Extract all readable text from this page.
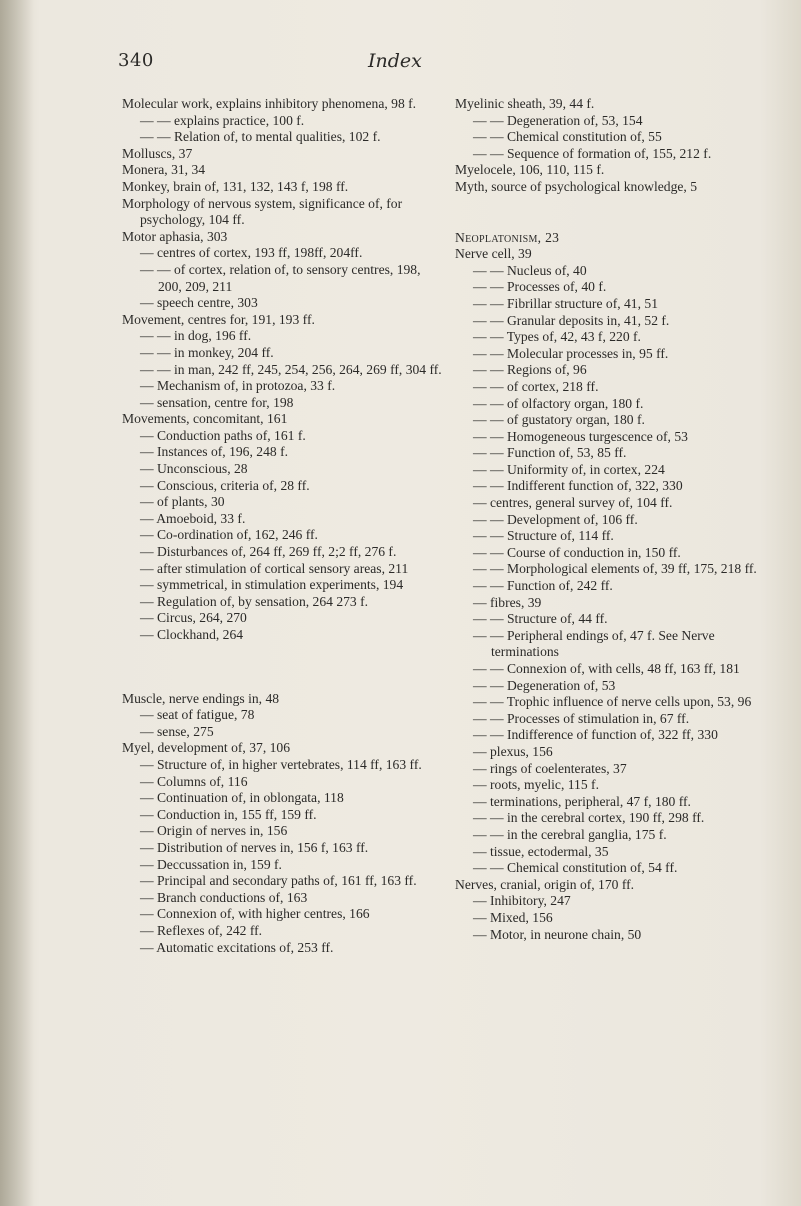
340	Index

Molecular work, explains inhibitory phenomena, 98 f.

— — explains practice, 100 f.

— — Relation of, to mental qualities, 102 f.

Molluscs, 37

Monera, 31, 34

Monkey, brain of, 131, 132, 143 f, 198 ff.

Morphology of nervous system, significance of, for psychology, 104 ff.

Motor aphasia, 303

— centres of cortex, 193 ff, 198ff, 204ff.

— — of cortex, relation of, to sensory centres, 198, 200, 209, 211

— speech centre, 303

Movement, centres for, 191, 193 ff.

— — in dog, 196 ff.

— — in monkey, 204 ff.

— — in man, 242 ff, 245, 254, 256, 264, 269 ff, 304 ff.

— Mechanism of, in protozoa, 33 f.

— sensation, centre for, 198

Movements, concomitant, 161

— Conduction paths of, 161 f.

— Instances of, 196, 248 f.

— Unconscious, 28

— Conscious, criteria of, 28 ff.

— of plants, 30

— Amoeboid, 33 f.

— Co-ordination of, 162, 246 ff.

— Disturbances of, 264 ff, 269 ff, 2;2 ff, 276 f.

— after stimulation of cortical sensory areas, 211

— symmetrical, in stimulation experiments, 194

— Regulation of, by sensation, 264 273 f.

— Circus, 264, 270

— Clockhand, 264

Muscle, nerve endings in, 48

— seat of fatigue, 78

— sense, 275

Myel, development of, 37, 106

— Structure of, in higher vertebrates, 114 ff, 163 ff.

— Columns of, 116

— Continuation of, in oblongata, 118

— Conduction in, 155 ff, 159 ff.

— Origin of nerves in, 156

— Distribution of nerves in, 156 f, 163 ff.

— Deccussation in, 159 f.

— Principal and secondary paths of, 161 ff, 163 ff.

— Branch conductions of, 163

— Connexion of, with higher centres, 166

— Reflexes of, 242 ff.

— Automatic excitations of, 253 ff.

Myelinic sheath, 39, 44 f.

— — Degeneration of, 53, 154

— — Chemical constitution of, 55

— — Sequence of formation of, 155, 212 f.

Myelocele, 106, 110, 115 f.

Myth, source of psychological knowledge, 5

Neoplatonism, 23

Nerve cell, 39

— — Nucleus of, 40

— — Processes of, 40 f.

— — Fibrillar structure of, 41, 51

— — Granular deposits in, 41, 52 f.

— — Types of, 42, 43 f, 220 f.

— — Molecular processes in, 95 ff.

— — Regions of, 96

— — of cortex, 218 ff.

— — of olfactory organ, 180 f.

— — of gustatory organ, 180 f.

— — Homogeneous turgescence of, 53

— — Function of, 53, 85 ff.

— — Uniformity of, in cortex, 224

— — Indifferent function of, 322, 330

— centres, general survey of, 104 ff.

— — Development of, 106 ff.

— — Structure of, 114 ff.

— — Course of conduction in, 150 ff.

— — Morphological elements of, 39 ff, 175, 218 ff.

— — Function of, 242 ff.

— fibres, 39

— — Structure of, 44 ff.

— — Peripheral endings of, 47 f. See Nerve terminations

— — Connexion of, with cells, 48 ff, 163 ff, 181

— — Degeneration of, 53

— — Trophic influence of nerve cells upon, 53, 96

— — Processes of stimulation in, 67 ff.

— — Indifference of function of, 322 ff, 330

— plexus, 156

— rings of coelenterates, 37

— roots, myelic, 115 f.

— terminations, peripheral, 47 f, 180 ff.

— — in the cerebral cortex, 190 ff, 298 ff.

— — in the cerebral ganglia, 175 f.

— tissue, ectodermal, 35

— — Chemical constitution of, 54 ff.

Nerves, cranial, origin of, 170 ff.

— Inhibitory, 247

— Mixed, 156

— Motor, in neurone chain, 50
